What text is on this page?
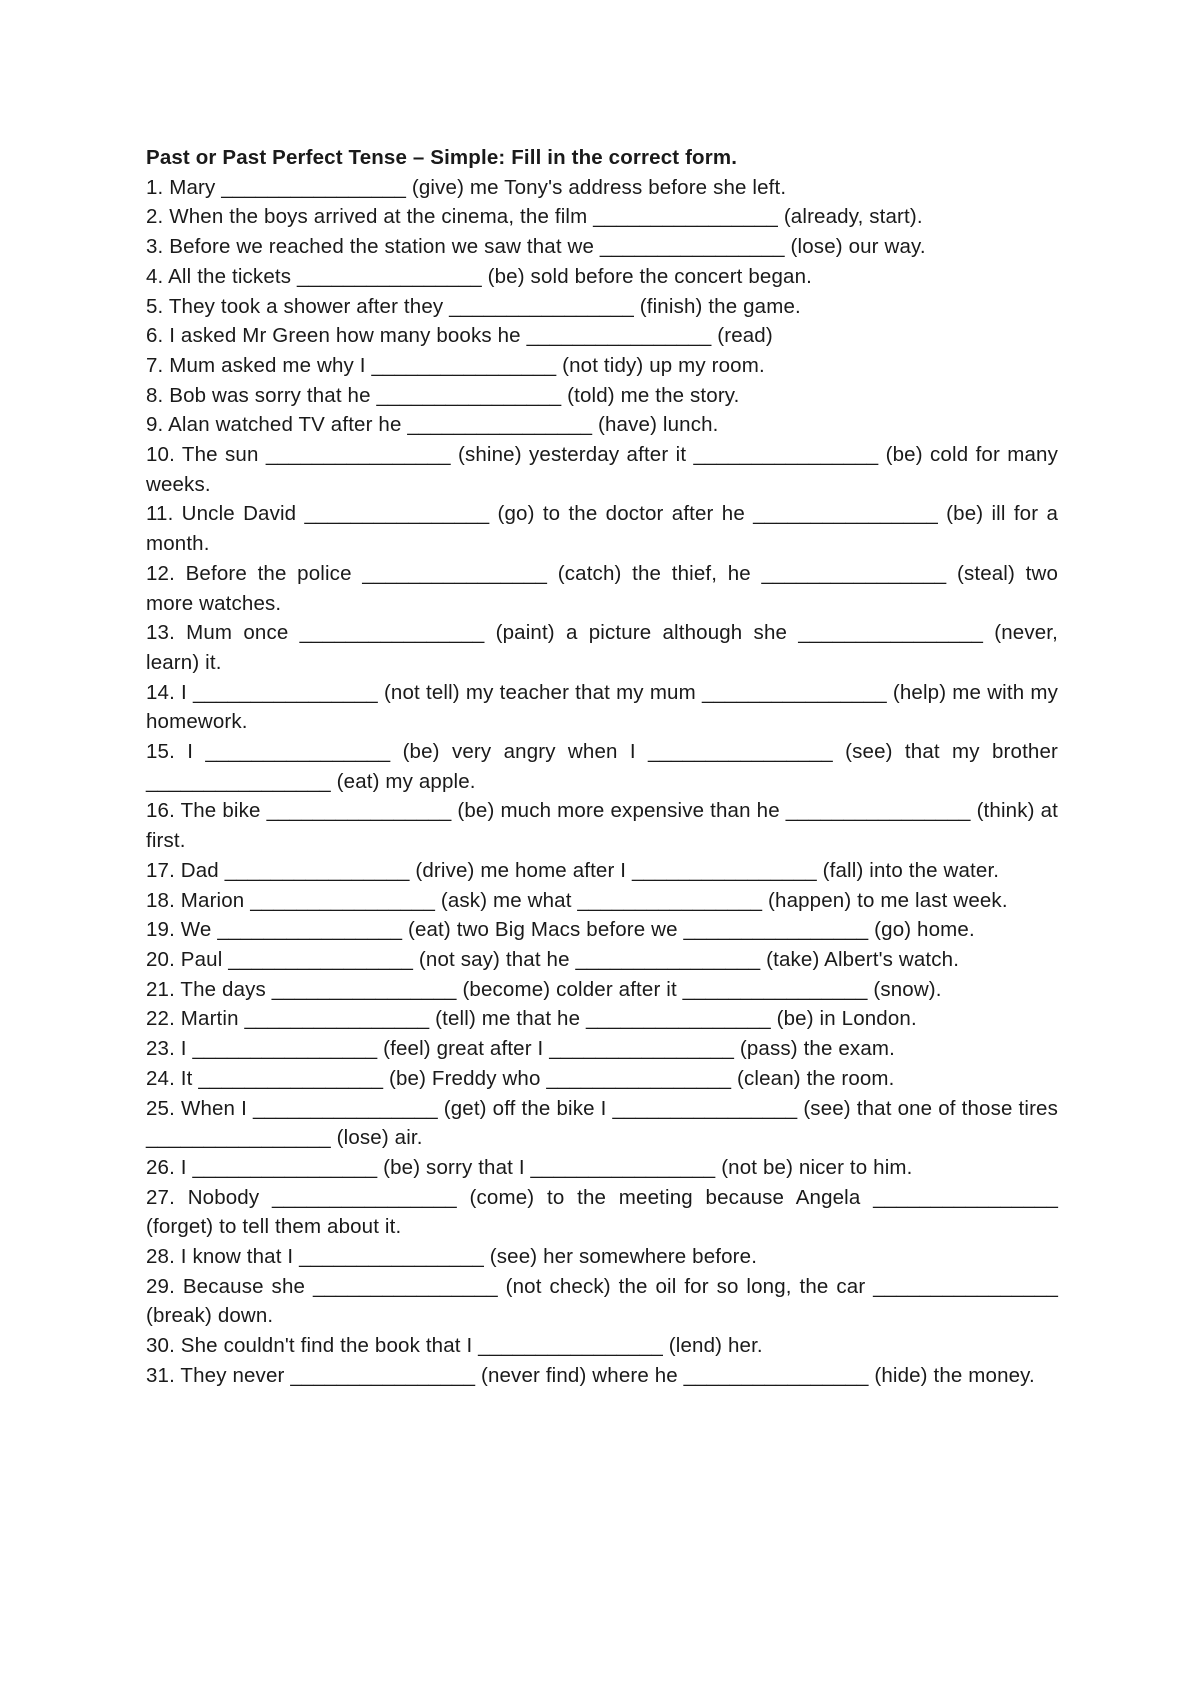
Past or Past Perfect Tense – Simple: Fill in the correct form.

1. Mary ________________ (give) me Tony's address before she left.

2. When the boys arrived at the cinema, the film ________________ (already, start).

3. Before we reached the station we saw that we ________________ (lose) our way.

4. All the tickets ________________ (be) sold before the concert began.

5. They took a shower after they ________________ (finish) the game.

6. I asked Mr Green how many books he ________________ (read)

7. Mum asked me why I ________________ (not tidy) up my room.

8. Bob was sorry that he ________________ (told) me the story.

9. Alan watched TV after he ________________ (have) lunch.

10. The sun ________________ (shine) yesterday after it ________________ (be) cold for many weeks.

11. Uncle David ________________ (go) to the doctor after he ________________ (be) ill for a month.

12. Before the police ________________ (catch) the thief, he ________________ (steal) two more watches.

13. Mum once ________________ (paint) a picture although she ________________ (never, learn) it.

14. I ________________ (not tell) my teacher that my mum ________________ (help) me with my homework.

15. I ________________ (be) very angry when I ________________ (see) that my brother ________________ (eat) my apple.

16. The bike ________________ (be) much more expensive than he ________________ (think) at first.

17. Dad ________________ (drive) me home after I ________________ (fall) into the water.

18. Marion ________________ (ask) me what ________________ (happen) to me last week.

19. We ________________ (eat) two Big Macs before we ________________ (go) home.

20. Paul ________________ (not say) that he ________________ (take) Albert's watch.

21. The days ________________ (become) colder after it ________________ (snow).

22. Martin ________________ (tell) me that he ________________ (be) in London.

23. I ________________ (feel) great after I ________________ (pass) the exam.

24. It ________________ (be) Freddy who ________________ (clean) the room.

25. When I ________________ (get) off the bike I ________________ (see) that one of those tires ________________ (lose) air.

26. I ________________ (be) sorry that I ________________ (not be) nicer to him.

27. Nobody ________________ (come) to the meeting because Angela ________________ (forget) to tell them about it.

28. I know that I ________________ (see) her somewhere before.

29. Because she ________________ (not check) the oil for so long, the car ________________ (break) down.

30. She couldn't find the book that I ________________ (lend) her.

31. They never ________________ (never find) where he ________________ (hide) the money.
